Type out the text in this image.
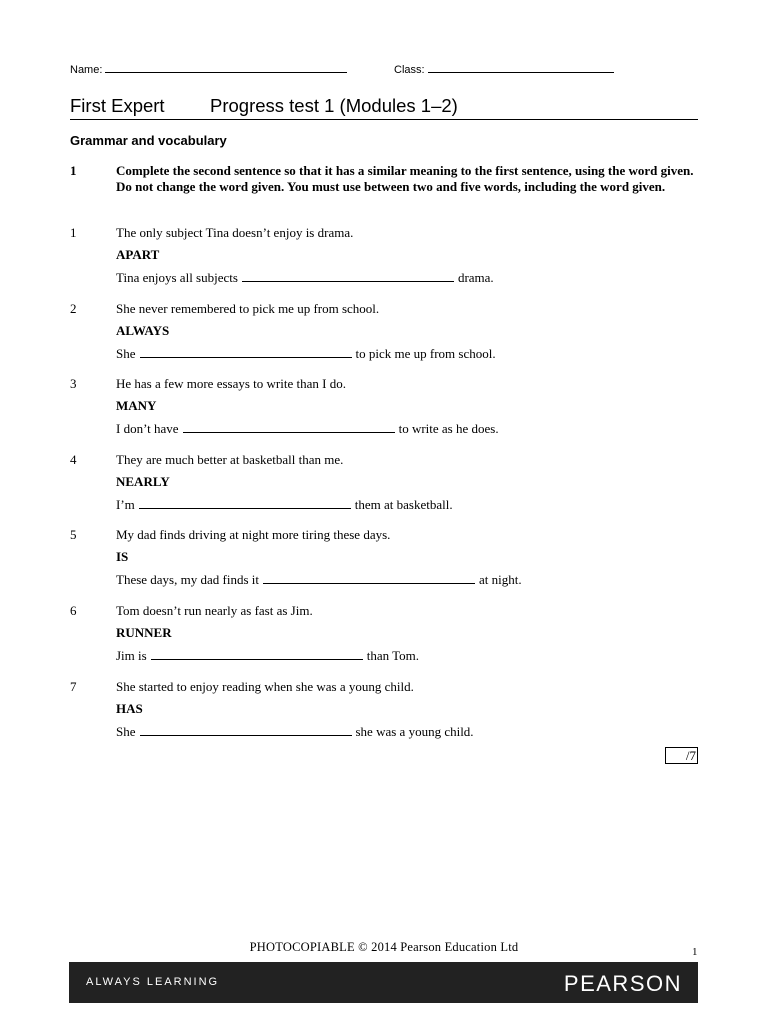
Name:	Class:
First Expert Progress test 1 (Modules 1–2)
Grammar and vocabulary
1	Complete the second sentence so that it has a similar meaning to the first sentence, using the word given. Do not change the word given. You must use between two and five words, including the word given.
1	The only subject Tina doesn’t enjoy is drama.
APART
Tina enjoys all subjects	drama.
2	She never remembered to pick me up from school.
ALWAYS
She	to pick me up from school.
3	He has a few more essays to write than I do.
MANY
I don’t have	to write as he does.
4	They are much better at basketball than me.
NEARLY
I’m	them at basketball.
5	My dad finds driving at night more tiring these days.
IS
These days, my dad finds it	at night.
6	Tom doesn’t run nearly as fast as Jim.
RUNNER
Jim is	than Tom.
7	She started to enjoy reading when she was a young child.
HAS
She	she was a young child.
/7
PHOTOCOPIABLE © 2014 Pearson Education Ltd	1
ALWAYS LEARNING	PEARSON
